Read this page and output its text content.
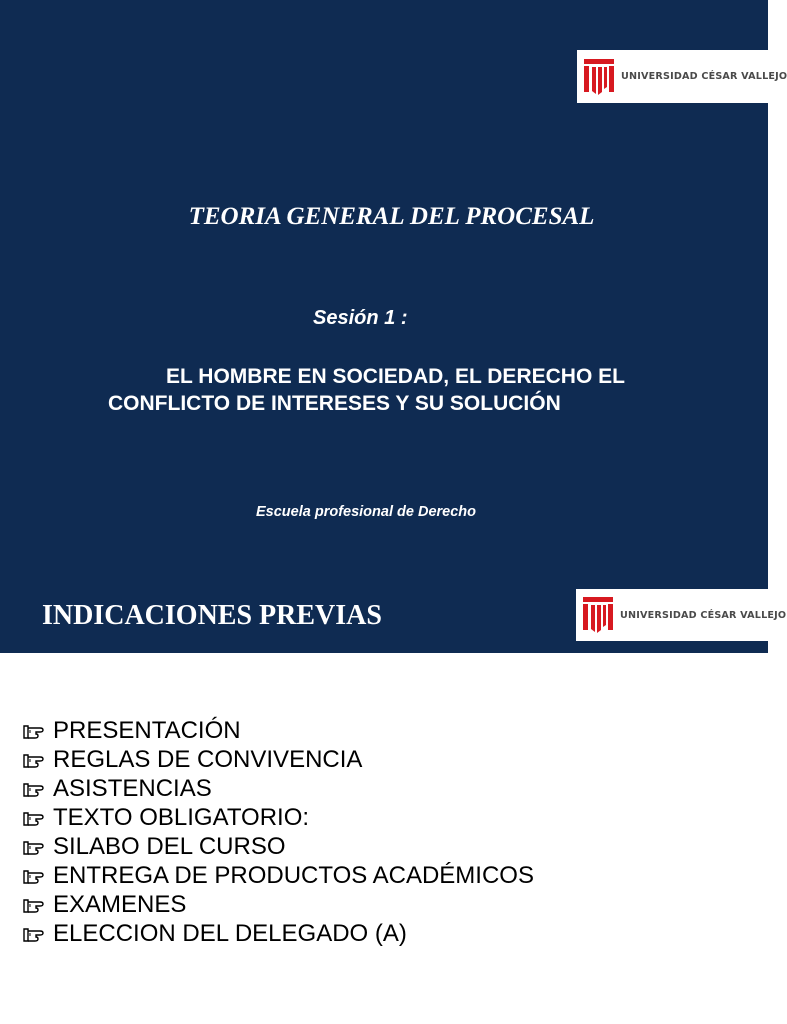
UNIVERSIDAD CÉSAR VALLEJO
TEORIA GENERAL DEL PROCESAL
Sesión 1 :
EL HOMBRE EN SOCIEDAD, EL DERECHO EL
CONFLICTO DE INTERESES Y SU SOLUCIÓN
Escuela profesional de Derecho
INDICACIONES PREVIAS	UNIVERSIDAD CÉSAR VALLEJO
PRESENTACIÓN
REGLAS DE CONVIVENCIA
ASISTENCIAS
TEXTO OBLIGATORIO:
SILABO DEL CURSO
ENTREGA DE PRODUCTOS ACADÉMICOS
EXAMENES
ELECCION DEL DELEGADO (A)
